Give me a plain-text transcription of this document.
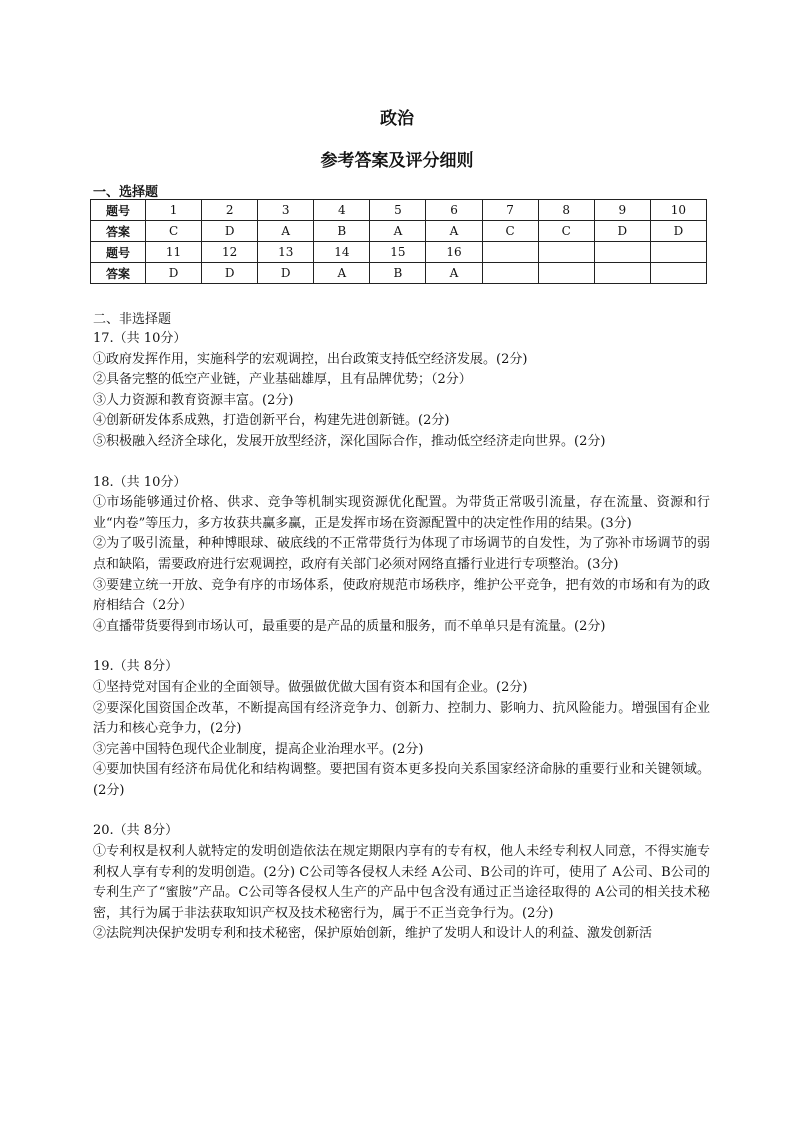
政治
参考答案及评分细则
一、选择题
题号	1	2	3	4	5	6	7	8	9	10
答案	C	D	A	B	A	A	C	C	D	D
题号	11	12	13	14	15	16				
答案	D	D	D	A	B	A				
二、非选择题

17.（共 10分）

①政府发挥作用，实施科学的宏观调控，出台政策支持低空经济发展。(2分)

②具备完整的低空产业链，产业基础雄厚，且有品牌优势；（2分）

③人力资源和教育资源丰富。(2分)

④创新研发体系成熟，打造创新平台，构建先进创新链。(2分)

⑤积极融入经济全球化，发展开放型经济，深化国际合作，推动低空经济走向世界。(2分)

18.（共 10分）

①市场能够通过价格、供求、竞争等机制实现资源优化配置。为带货正常吸引流量，存在流量、资源和行业“内卷”等压力，多方妆获共赢多赢，正是发挥市场在资源配置中的决定性作用的结果。(3分)

②为了吸引流量，种种博眼球、破底线的不正常带货行为体现了市场调节的自发性，为了弥补市场调节的弱点和缺陷，需要政府进行宏观调控，政府有关部门必须对网络直播行业进行专项整治。(3分)

③要建立统一开放、竞争有序的市场体系，使政府规范市场秩序，维护公平竞争，把有效的市场和有为的政府相结合（2分）

④直播带货要得到市场认可，最重要的是产品的质量和服务，而不单单只是有流量。(2分)

19.（共 8分）

①坚持党对国有企业的全面领导。做强做优做大国有资本和国有企业。(2分)

②要深化国资国企改革，不断提高国有经济竞争力、创新力、控制力、影响力、抗风险能力。增强国有企业活力和核心竞争力，(2分)

③完善中国特色现代企业制度，提高企业治理水平。(2分)

④要加快国有经济布局优化和结构调整。要把国有资本更多投向关系国家经济命脉的重要行业和关键领域。(2分)

20.（共 8分）

①专利权是权利人就特定的发明创造依法在规定期限内享有的专有权，他人未经专利权人同意，不得实施专利权人享有专利的发明创造。(2分) C公司等各侵权人未经 A公司、B公司的许可，使用了 A公司、B公司的专利生产了“蜜胺”产品。C公司等各侵权人生产的产品中包含没有通过正当途径取得的 A公司的相关技术秘密，其行为属于非法获取知识产权及技术秘密行为，属于不正当竞争行为。(2分)

②法院判决保护发明专利和技术秘密，保护原始创新，维护了发明人和设计人的利益、激发创新活
